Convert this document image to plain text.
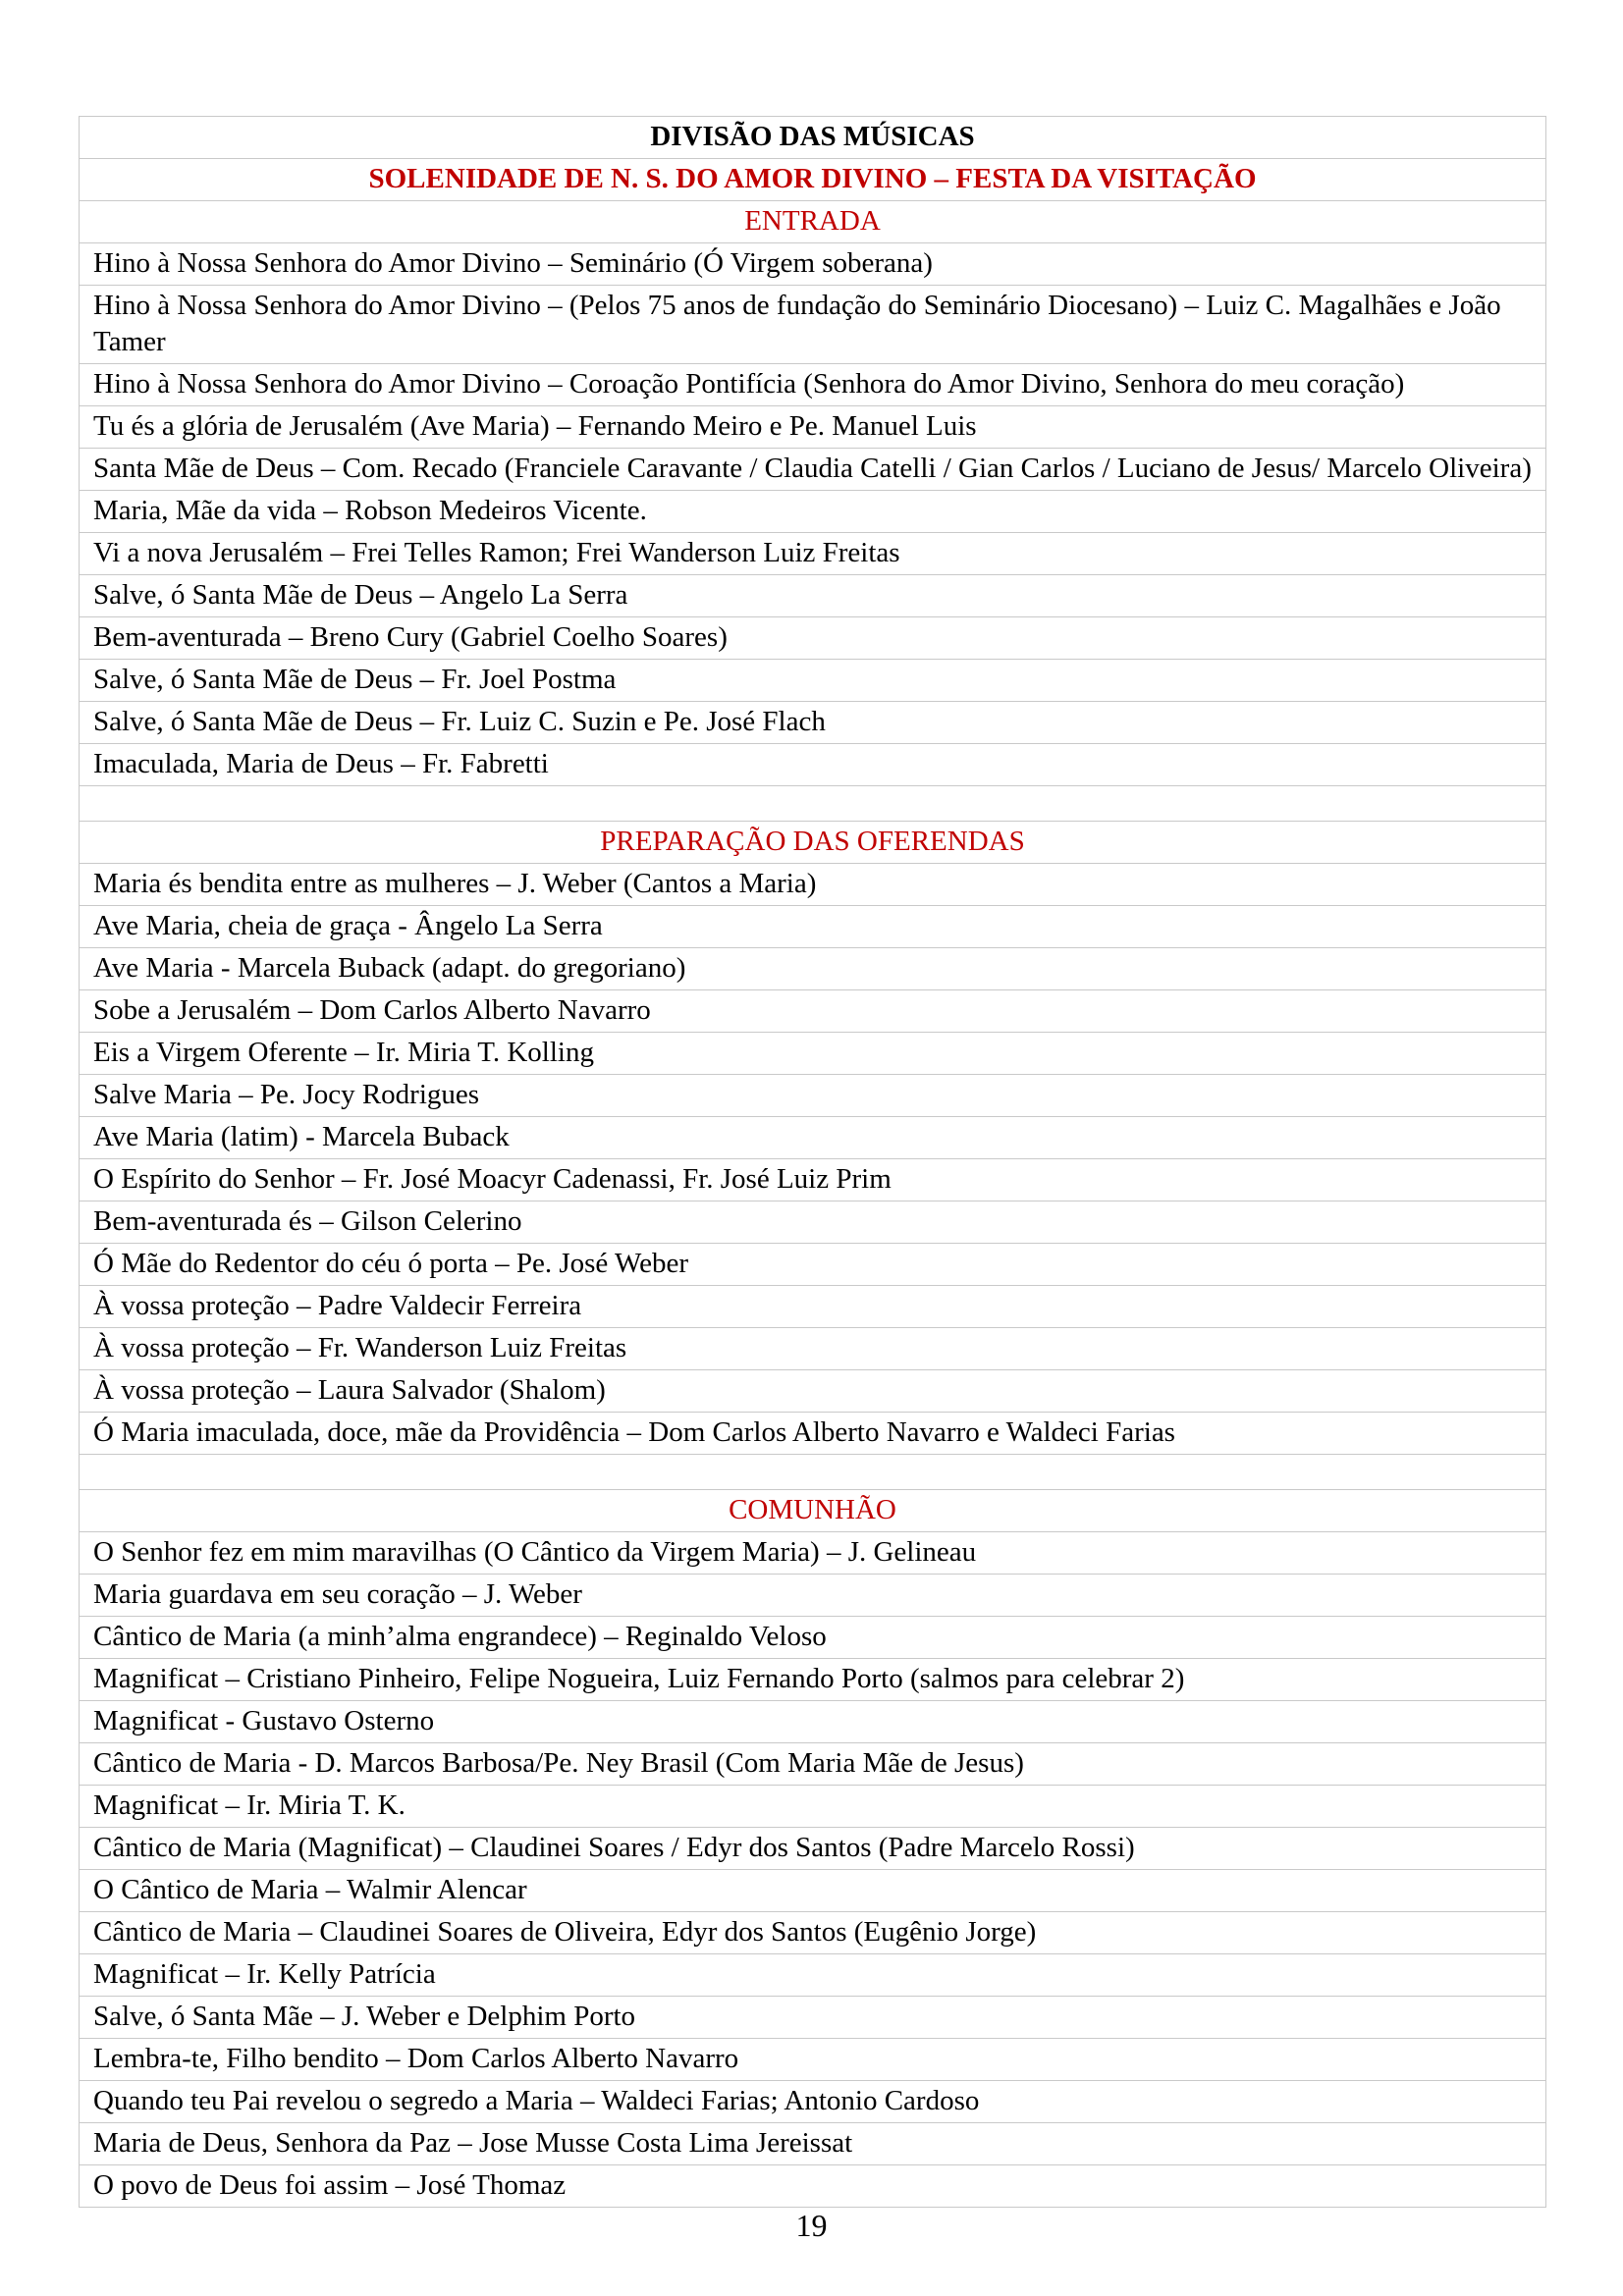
DIVISÃO DAS MÚSICAS
SOLENIDADE DE N. S. DO AMOR DIVINO – FESTA DA VISITAÇÃO
ENTRADA
Hino à Nossa Senhora do Amor Divino – Seminário (Ó Virgem soberana)
Hino à Nossa Senhora do Amor Divino – (Pelos 75 anos de fundação do Seminário Diocesano) – Luiz C. Magalhães e João Tamer
Hino à Nossa Senhora do Amor Divino – Coroação Pontifícia (Senhora do Amor Divino, Senhora do meu coração)
Tu és a glória de Jerusalém (Ave Maria) – Fernando Meiro e Pe. Manuel Luis
Santa Mãe de Deus – Com. Recado (Franciele Caravante / Claudia Catelli / Gian Carlos / Luciano de Jesus/ Marcelo Oliveira)
Maria, Mãe da vida – Robson Medeiros Vicente.
Vi a nova Jerusalém – Frei Telles Ramon; Frei Wanderson Luiz Freitas
Salve, ó Santa Mãe de Deus – Angelo La Serra
Bem-aventurada – Breno Cury (Gabriel Coelho Soares)
Salve, ó Santa Mãe de Deus – Fr. Joel Postma
Salve, ó Santa Mãe de Deus – Fr. Luiz C. Suzin e Pe. José Flach
Imaculada, Maria de Deus – Fr. Fabretti

PREPARAÇÃO DAS OFERENDAS
Maria és bendita entre as mulheres – J. Weber (Cantos a Maria)
Ave Maria, cheia de graça - Ângelo La Serra
Ave Maria - Marcela Buback (adapt. do gregoriano)
Sobe a Jerusalém – Dom Carlos Alberto Navarro
Eis a Virgem Oferente – Ir. Miria T. Kolling
Salve Maria – Pe. Jocy Rodrigues
Ave Maria (latim) - Marcela Buback
O Espírito do Senhor – Fr. José Moacyr Cadenassi, Fr. José Luiz Prim
Bem-aventurada és – Gilson Celerino
Ó Mãe do Redentor do céu ó porta – Pe. José Weber
À vossa proteção – Padre Valdecir Ferreira
À vossa proteção – Fr. Wanderson Luiz Freitas
À vossa proteção – Laura Salvador (Shalom)
Ó Maria imaculada, doce, mãe da Providência – Dom Carlos Alberto Navarro e Waldeci Farias

COMUNHÃO
O Senhor fez em mim maravilhas (O Cântico da Virgem Maria) – J. Gelineau
Maria guardava em seu coração – J. Weber
Cântico de Maria (a minh’alma engrandece) – Reginaldo Veloso
Magnificat – Cristiano Pinheiro, Felipe Nogueira, Luiz Fernando Porto (salmos para celebrar 2)
Magnificat - Gustavo Osterno
Cântico de Maria - D. Marcos Barbosa/Pe. Ney Brasil (Com Maria Mãe de Jesus)
Magnificat – Ir. Miria T. K.
Cântico de Maria (Magnificat) – Claudinei Soares / Edyr dos Santos (Padre Marcelo Rossi)
O Cântico de Maria – Walmir Alencar
Cântico de Maria – Claudinei Soares de Oliveira, Edyr dos Santos (Eugênio Jorge)
Magnificat – Ir. Kelly Patrícia
Salve, ó Santa Mãe – J. Weber e Delphim Porto
Lembra-te, Filho bendito – Dom Carlos Alberto Navarro
Quando teu Pai revelou o segredo a Maria – Waldeci Farias; Antonio Cardoso
Maria de Deus, Senhora da Paz – Jose Musse Costa Lima Jereissat
O povo de Deus foi assim – José Thomaz
19
